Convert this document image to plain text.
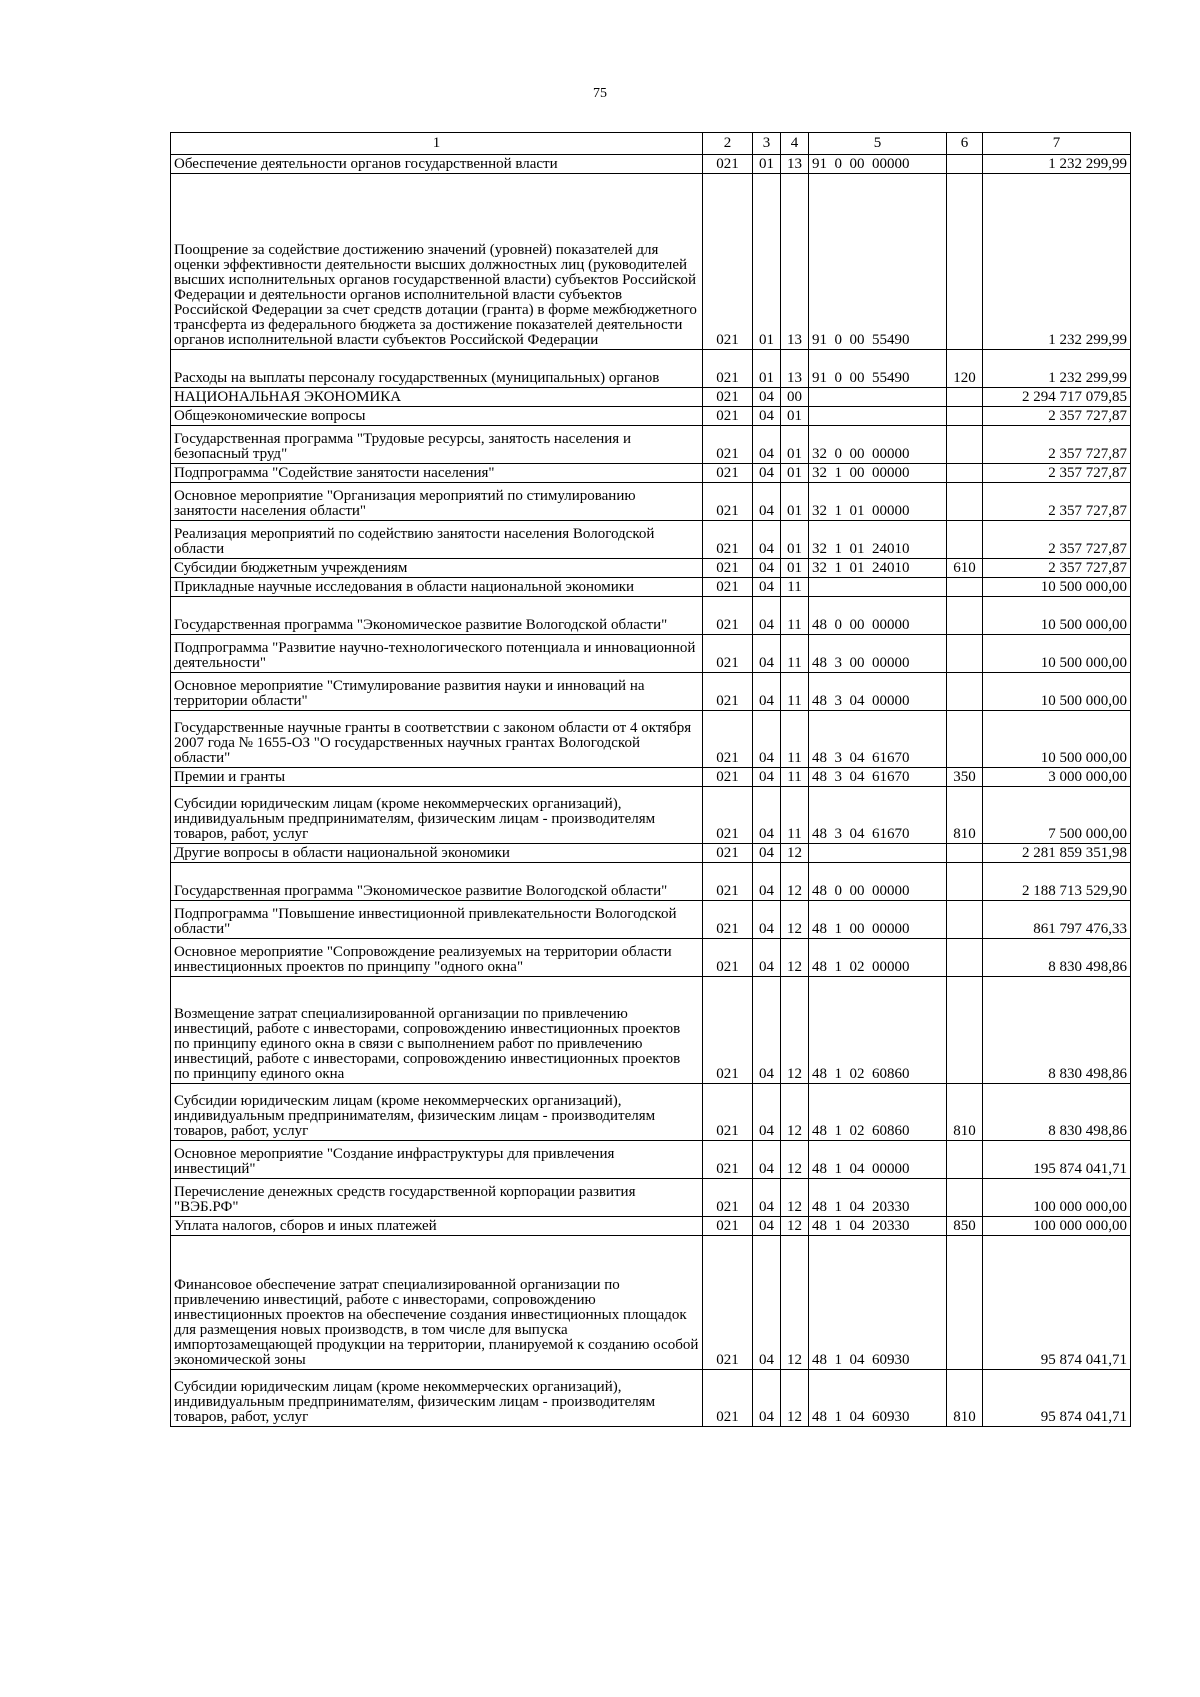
75
1	2	3	4	5	6	7
Обеспечение деятельности органов государственной власти	021	01	13	91  0  00  00000		1 232 299,99
Поощрение за содействие достижению значений (уровней) показателей для оценки эффективности деятельности высших должностных лиц (руководителей высших исполнительных органов государственной власти) субъектов Российской Федерации и деятельности органов исполнительной власти субъектов Российской Федерации за счет средств дотации (гранта) в форме межбюджетного трансферта из федерального бюджета за достижение показателей деятельности органов исполнительной власти субъектов Российской Федерации	021	01	13	91  0  00  55490		1 232 299,99
Расходы на выплаты персоналу государственных (муниципальных) органов	021	01	13	91  0  00  55490	120	1 232 299,99
НАЦИОНАЛЬНАЯ ЭКОНОМИКА	021	04	00			2 294 717 079,85
Общеэкономические вопросы	021	04	01			2 357 727,87
Государственная программа "Трудовые ресурсы, занятость населения и безопасный труд"	021	04	01	32  0  00  00000		2 357 727,87
Подпрограмма "Содействие занятости населения"	021	04	01	32  1  00  00000		2 357 727,87
Основное мероприятие "Организация мероприятий по стимулированию занятости населения области"	021	04	01	32  1  01  00000		2 357 727,87
Реализация мероприятий по содействию занятости населения Вологодской области	021	04	01	32  1  01  24010		2 357 727,87
Субсидии бюджетным учреждениям	021	04	01	32  1  01  24010	610	2 357 727,87
Прикладные научные исследования в области национальной экономики	021	04	11			10 500 000,00
Государственная программа "Экономическое развитие Вологодской области"	021	04	11	48  0  00  00000		10 500 000,00
Подпрограмма "Развитие научно-технологического потенциала и инновационной деятельности"	021	04	11	48  3  00  00000		10 500 000,00
Основное мероприятие "Стимулирование развития науки и инноваций на территории области"	021	04	11	48  3  04  00000		10 500 000,00
Государственные научные гранты в соответствии с законом области от 4 октября 2007 года № 1655-ОЗ "О государственных научных грантах Вологодской области"	021	04	11	48  3  04  61670		10 500 000,00
Премии и гранты	021	04	11	48  3  04  61670	350	3 000 000,00
Субсидии юридическим лицам (кроме некоммерческих организаций), индивидуальным предпринимателям, физическим лицам - производителям товаров, работ, услуг	021	04	11	48  3  04  61670	810	7 500 000,00
Другие вопросы в области национальной экономики	021	04	12			2 281 859 351,98
Государственная программа "Экономическое развитие Вологодской области"	021	04	12	48  0  00  00000		2 188 713 529,90
Подпрограмма "Повышение инвестиционной привлекательности Вологодской области"	021	04	12	48  1  00  00000		861 797 476,33
Основное мероприятие "Сопровождение реализуемых на территории области инвестиционных проектов по принципу "одного окна"	021	04	12	48  1  02  00000		8 830 498,86
Возмещение затрат специализированной организации по привлечению инвестиций, работе с инвесторами, сопровождению инвестиционных проектов по принципу единого окна в связи с выполнением работ по привлечению инвестиций, работе с инвесторами, сопровождению инвестиционных проектов по принципу единого окна	021	04	12	48  1  02  60860		8 830 498,86
Субсидии юридическим лицам (кроме некоммерческих организаций), индивидуальным предпринимателям, физическим лицам - производителям товаров, работ, услуг	021	04	12	48  1  02  60860	810	8 830 498,86
Основное мероприятие "Создание инфраструктуры для привлечения инвестиций"	021	04	12	48  1  04  00000		195 874 041,71
Перечисление денежных средств государственной корпорации развития "ВЭБ.РФ"	021	04	12	48  1  04  20330		100 000 000,00
Уплата налогов, сборов и иных платежей	021	04	12	48  1  04  20330	850	100 000 000,00
Финансовое обеспечение затрат специализированной организации по привлечению инвестиций, работе с инвесторами, сопровождению инвестиционных проектов на обеспечение создания инвестиционных площадок для размещения новых производств, в том числе для выпуска импортозамещающей продукции на территории, планируемой к созданию особой экономической зоны	021	04	12	48  1  04  60930		95 874 041,71
Субсидии юридическим лицам (кроме некоммерческих организаций), индивидуальным предпринимателям, физическим лицам - производителям товаров, работ, услуг	021	04	12	48  1  04  60930	810	95 874 041,71
